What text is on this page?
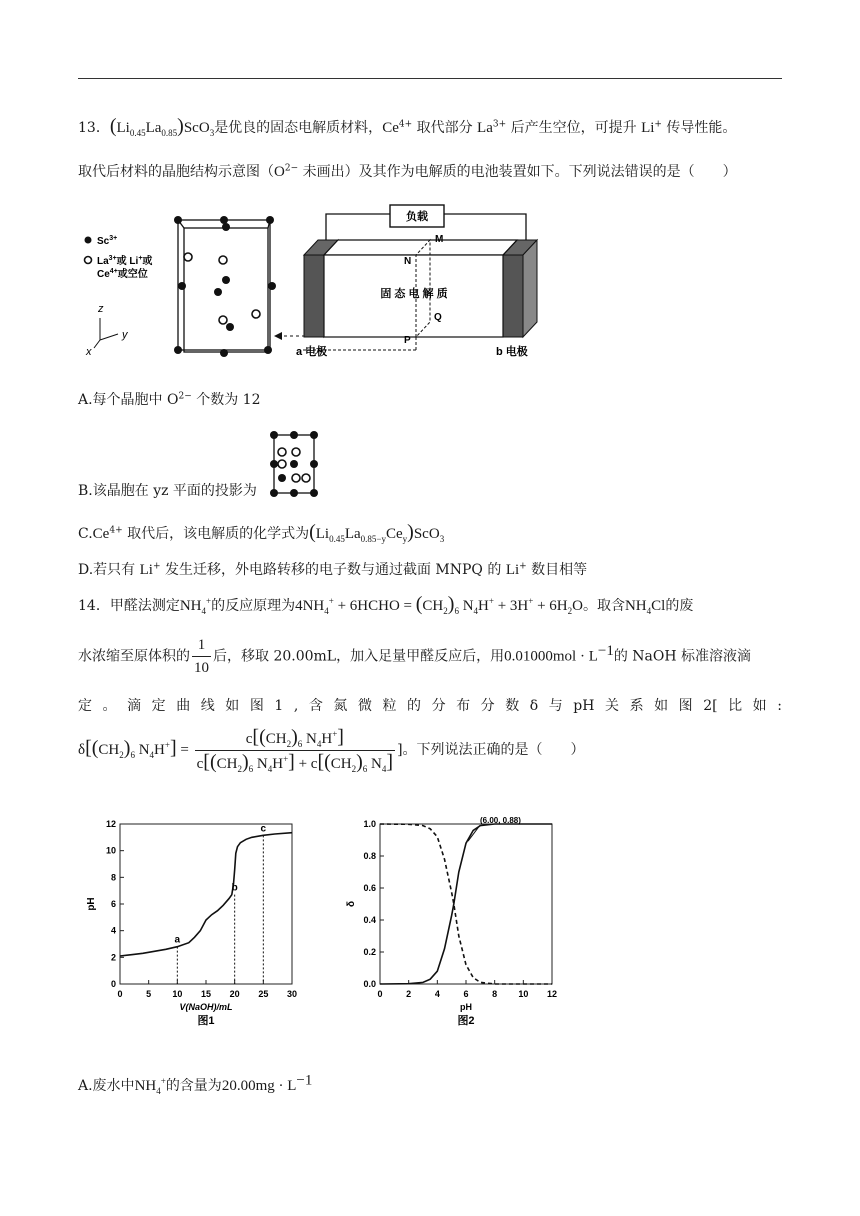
13．$(Li_{0.45}La_{0.85})ScO_3$是优良的固态电解质材料，$Ce^{4+}$ 取代部分 $La^{3+}$ 后产生空位，可提升 Li+ 传导性能。
取代后材料的晶胞结构示意图（$O^{2-}$ 未画出）及其作为电解质的电池装置如下。下列说法错误的是（　　）
$Sc^{3+}$
$La^{3+}$或 Li+或
$Ce^{4+}$或空位
z
y
x
负载
固 态 电 解 质
M
N
Q
P
a 电极	b 电极
A.每个晶胞中 $O^{2-}$ 个数为 12
B.该晶胞在 yz 平面的投影为
$C.Ce^{4+}$ 取代后，该电解质的化学式为$(Li_{0.45}La_{0.85-y}Ce_y)ScO_3$
D.若只有 Li+ 发生迁移，外电路转移的电子数与通过截面 MNPQ 的 Li+ 数目相等
14．甲醛法测定$NH_4^+$的反应原理为$4NH_4^+$ + 6HCHO = $(CH_2)_6$ $N_4H^+ + 3H^+ + 6H_2O$。取含$NH_4Cl$的废
水浓缩至原体积的 $\frac{1}{10}$ 后，移取 20.00mL，加入足量甲醛反应后，用$0.01000mol \cdot L^{-1}$的 NaOH 标准溶液滴
定 。 滴 定 曲 线 如 图 1 , 含 氮 微 粒 的 分 布 分 数 δ 与 pH 关 系 如 图 2[ 比 如 :
$\delta[(CH_2)_6$ $N_4H^+] = \frac{c[(CH_2)_6 N_4H^+]}{c[(CH_2)_6 N_4H^+] + c[(CH_2)_6 N_4]}$ ]。下列说法正确的是（　　）
0	5 10 15 20 25 30
0
2
4
6
8
10
12
V(NaOH)/mL
pH
图1
a
b
c
0	2	4	6	8 10 12
0.0
0.2
0.4
0.6
0.8
1.0
pH
δ
图2
(6.00, 0.88)
A.废水中$NH_4^+$的含量为$20.00mg \cdot L^{-1}$
